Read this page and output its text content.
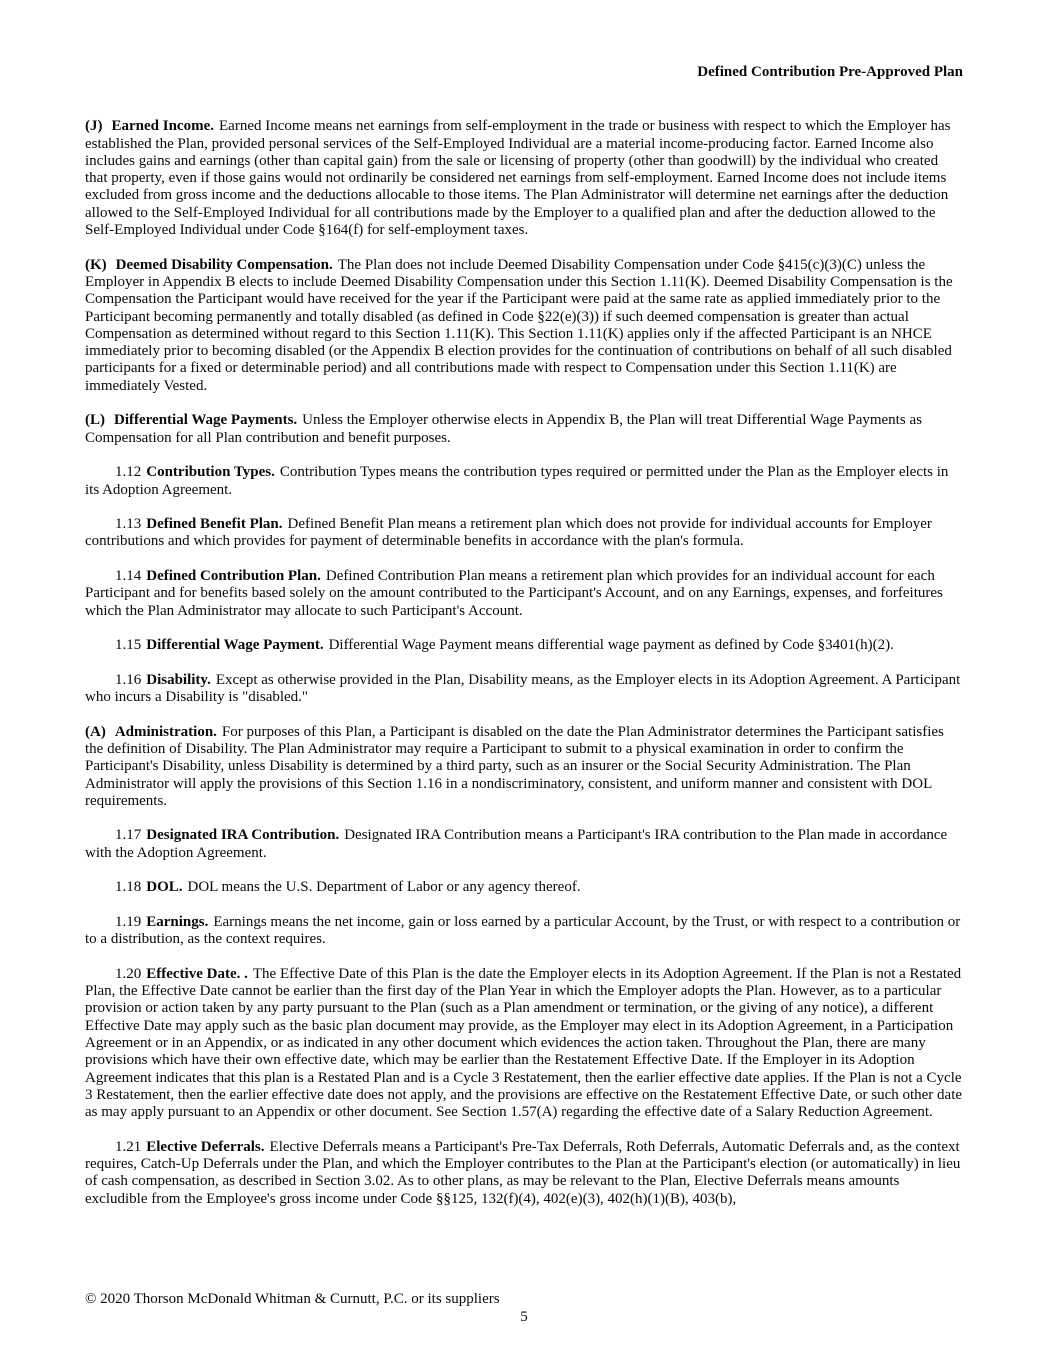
Defined Contribution Pre-Approved Plan

(J) Earned Income. Earned Income means net earnings from self-employment in the trade or business with respect to which the Employer has established the Plan, provided personal services of the Self-Employed Individual are a material income-producing factor. Earned Income also includes gains and earnings (other than capital gain) from the sale or licensing of property (other than goodwill) by the individual who created that property, even if those gains would not ordinarily be considered net earnings from self-employment. Earned Income does not include items excluded from gross income and the deductions allocable to those items. The Plan Administrator will determine net earnings after the deduction allowed to the Self-Employed Individual for all contributions made by the Employer to a qualified plan and after the deduction allowed to the Self-Employed Individual under Code §164(f) for self-employment taxes.

(K) Deemed Disability Compensation. The Plan does not include Deemed Disability Compensation under Code §415(c)(3)(C) unless the Employer in Appendix B elects to include Deemed Disability Compensation under this Section 1.11(K). Deemed Disability Compensation is the Compensation the Participant would have received for the year if the Participant were paid at the same rate as applied immediately prior to the Participant becoming permanently and totally disabled (as defined in Code §22(e)(3)) if such deemed compensation is greater than actual Compensation as determined without regard to this Section 1.11(K). This Section 1.11(K) applies only if the affected Participant is an NHCE immediately prior to becoming disabled (or the Appendix B election provides for the continuation of contributions on behalf of all such disabled participants for a fixed or determinable period) and all contributions made with respect to Compensation under this Section 1.11(K) are immediately Vested.

(L) Differential Wage Payments. Unless the Employer otherwise elects in Appendix B, the Plan will treat Differential Wage Payments as Compensation for all Plan contribution and benefit purposes.

1.12 Contribution Types. Contribution Types means the contribution types required or permitted under the Plan as the Employer elects in its Adoption Agreement.

1.13 Defined Benefit Plan. Defined Benefit Plan means a retirement plan which does not provide for individual accounts for Employer contributions and which provides for payment of determinable benefits in accordance with the plan's formula.

1.14 Defined Contribution Plan. Defined Contribution Plan means a retirement plan which provides for an individual account for each Participant and for benefits based solely on the amount contributed to the Participant's Account, and on any Earnings, expenses, and forfeitures which the Plan Administrator may allocate to such Participant's Account.

1.15 Differential Wage Payment. Differential Wage Payment means differential wage payment as defined by Code §3401(h)(2).

1.16 Disability. Except as otherwise provided in the Plan, Disability means, as the Employer elects in its Adoption Agreement. A Participant who incurs a Disability is "disabled."

(A) Administration. For purposes of this Plan, a Participant is disabled on the date the Plan Administrator determines the Participant satisfies the definition of Disability. The Plan Administrator may require a Participant to submit to a physical examination in order to confirm the Participant's Disability, unless Disability is determined by a third party, such as an insurer or the Social Security Administration. The Plan Administrator will apply the provisions of this Section 1.16 in a nondiscriminatory, consistent, and uniform manner and consistent with DOL requirements.

1.17 Designated IRA Contribution. Designated IRA Contribution means a Participant's IRA contribution to the Plan made in accordance with the Adoption Agreement.

1.18 DOL. DOL means the U.S. Department of Labor or any agency thereof.

1.19 Earnings. Earnings means the net income, gain or loss earned by a particular Account, by the Trust, or with respect to a contribution or to a distribution, as the context requires.

1.20 Effective Date. . The Effective Date of this Plan is the date the Employer elects in its Adoption Agreement. If the Plan is not a Restated Plan, the Effective Date cannot be earlier than the first day of the Plan Year in which the Employer adopts the Plan. However, as to a particular provision or action taken by any party pursuant to the Plan (such as a Plan amendment or termination, or the giving of any notice), a different Effective Date may apply such as the basic plan document may provide, as the Employer may elect in its Adoption Agreement, in a Participation Agreement or in an Appendix, or as indicated in any other document which evidences the action taken. Throughout the Plan, there are many provisions which have their own effective date, which may be earlier than the Restatement Effective Date. If the Employer in its Adoption Agreement indicates that this plan is a Restated Plan and is a Cycle 3 Restatement, then the earlier effective date applies. If the Plan is not a Cycle 3 Restatement, then the earlier effective date does not apply, and the provisions are effective on the Restatement Effective Date, or such other date as may apply pursuant to an Appendix or other document. See Section 1.57(A) regarding the effective date of a Salary Reduction Agreement.

1.21 Elective Deferrals. Elective Deferrals means a Participant's Pre-Tax Deferrals, Roth Deferrals, Automatic Deferrals and, as the context requires, Catch-Up Deferrals under the Plan, and which the Employer contributes to the Plan at the Participant's election (or automatically) in lieu of cash compensation, as described in Section 3.02. As to other plans, as may be relevant to the Plan, Elective Deferrals means amounts excludible from the Employee's gross income under Code §§125, 132(f)(4), 402(e)(3), 402(h)(1)(B), 403(b),

© 2020 Thorson McDonald Whitman & Curnutt, P.C. or its suppliers
5
